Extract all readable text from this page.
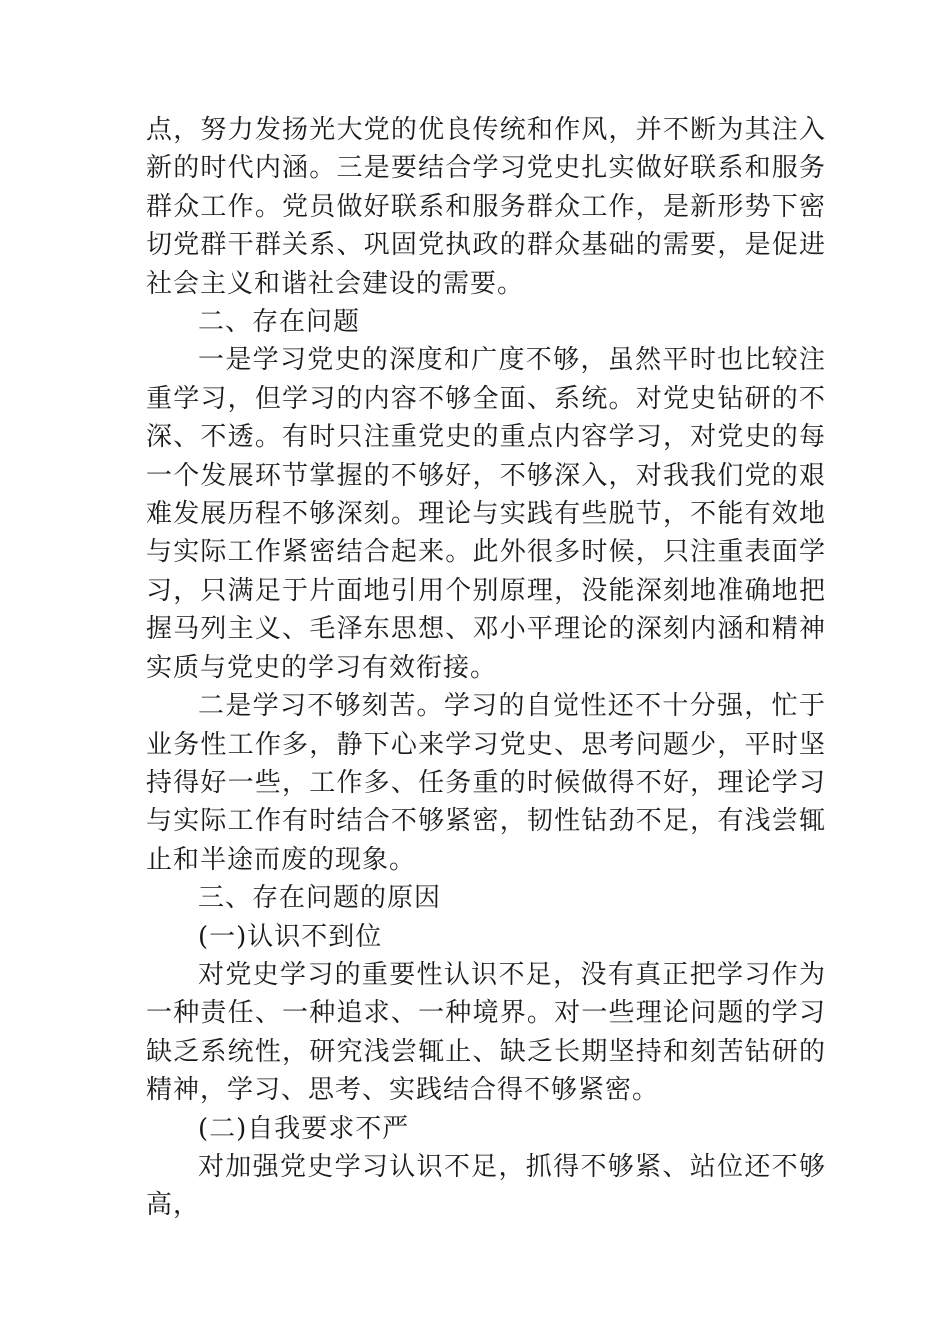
点，努力发扬光大党的优良传统和作风，并不断为其注入新的时代内涵。三是要结合学习党史扎实做好联系和服务群众工作。党员做好联系和服务群众工作，是新形势下密切党群干群关系、巩固党执政的群众基础的需要，是促进社会主义和谐社会建设的需要。

二、存在问题

一是学习党史的深度和广度不够，虽然平时也比较注重学习，但学习的内容不够全面、系统。对党史钻研的不深、不透。有时只注重党史的重点内容学习，对党史的每一个发展环节掌握的不够好，不够深入，对我我们党的艰难发展历程不够深刻。理论与实践有些脱节，不能有效地与实际工作紧密结合起来。此外很多时候，只注重表面学习，只满足于片面地引用个别原理，没能深刻地准确地把握马列主义、毛泽东思想、邓小平理论的深刻内涵和精神实质与党史的学习有效衔接。

二是学习不够刻苦。学习的自觉性还不十分强，忙于业务性工作多，静下心来学习党史、思考问题少，平时坚持得好一些，工作多、任务重的时候做得不好，理论学习与实际工作有时结合不够紧密，韧性钻劲不足，有浅尝辄止和半途而废的现象。

三、存在问题的原因
(一)认识不到位

对党史学习的重要性认识不足，没有真正把学习作为一种责任、一种追求、一种境界。对一些理论问题的学习缺乏系统性，研究浅尝辄止、缺乏长期坚持和刻苦钻研的精神，学习、思考、实践结合得不够紧密。

(二)自我要求不严

对加强党史学习认识不足，抓得不够紧、站位还不够高，
